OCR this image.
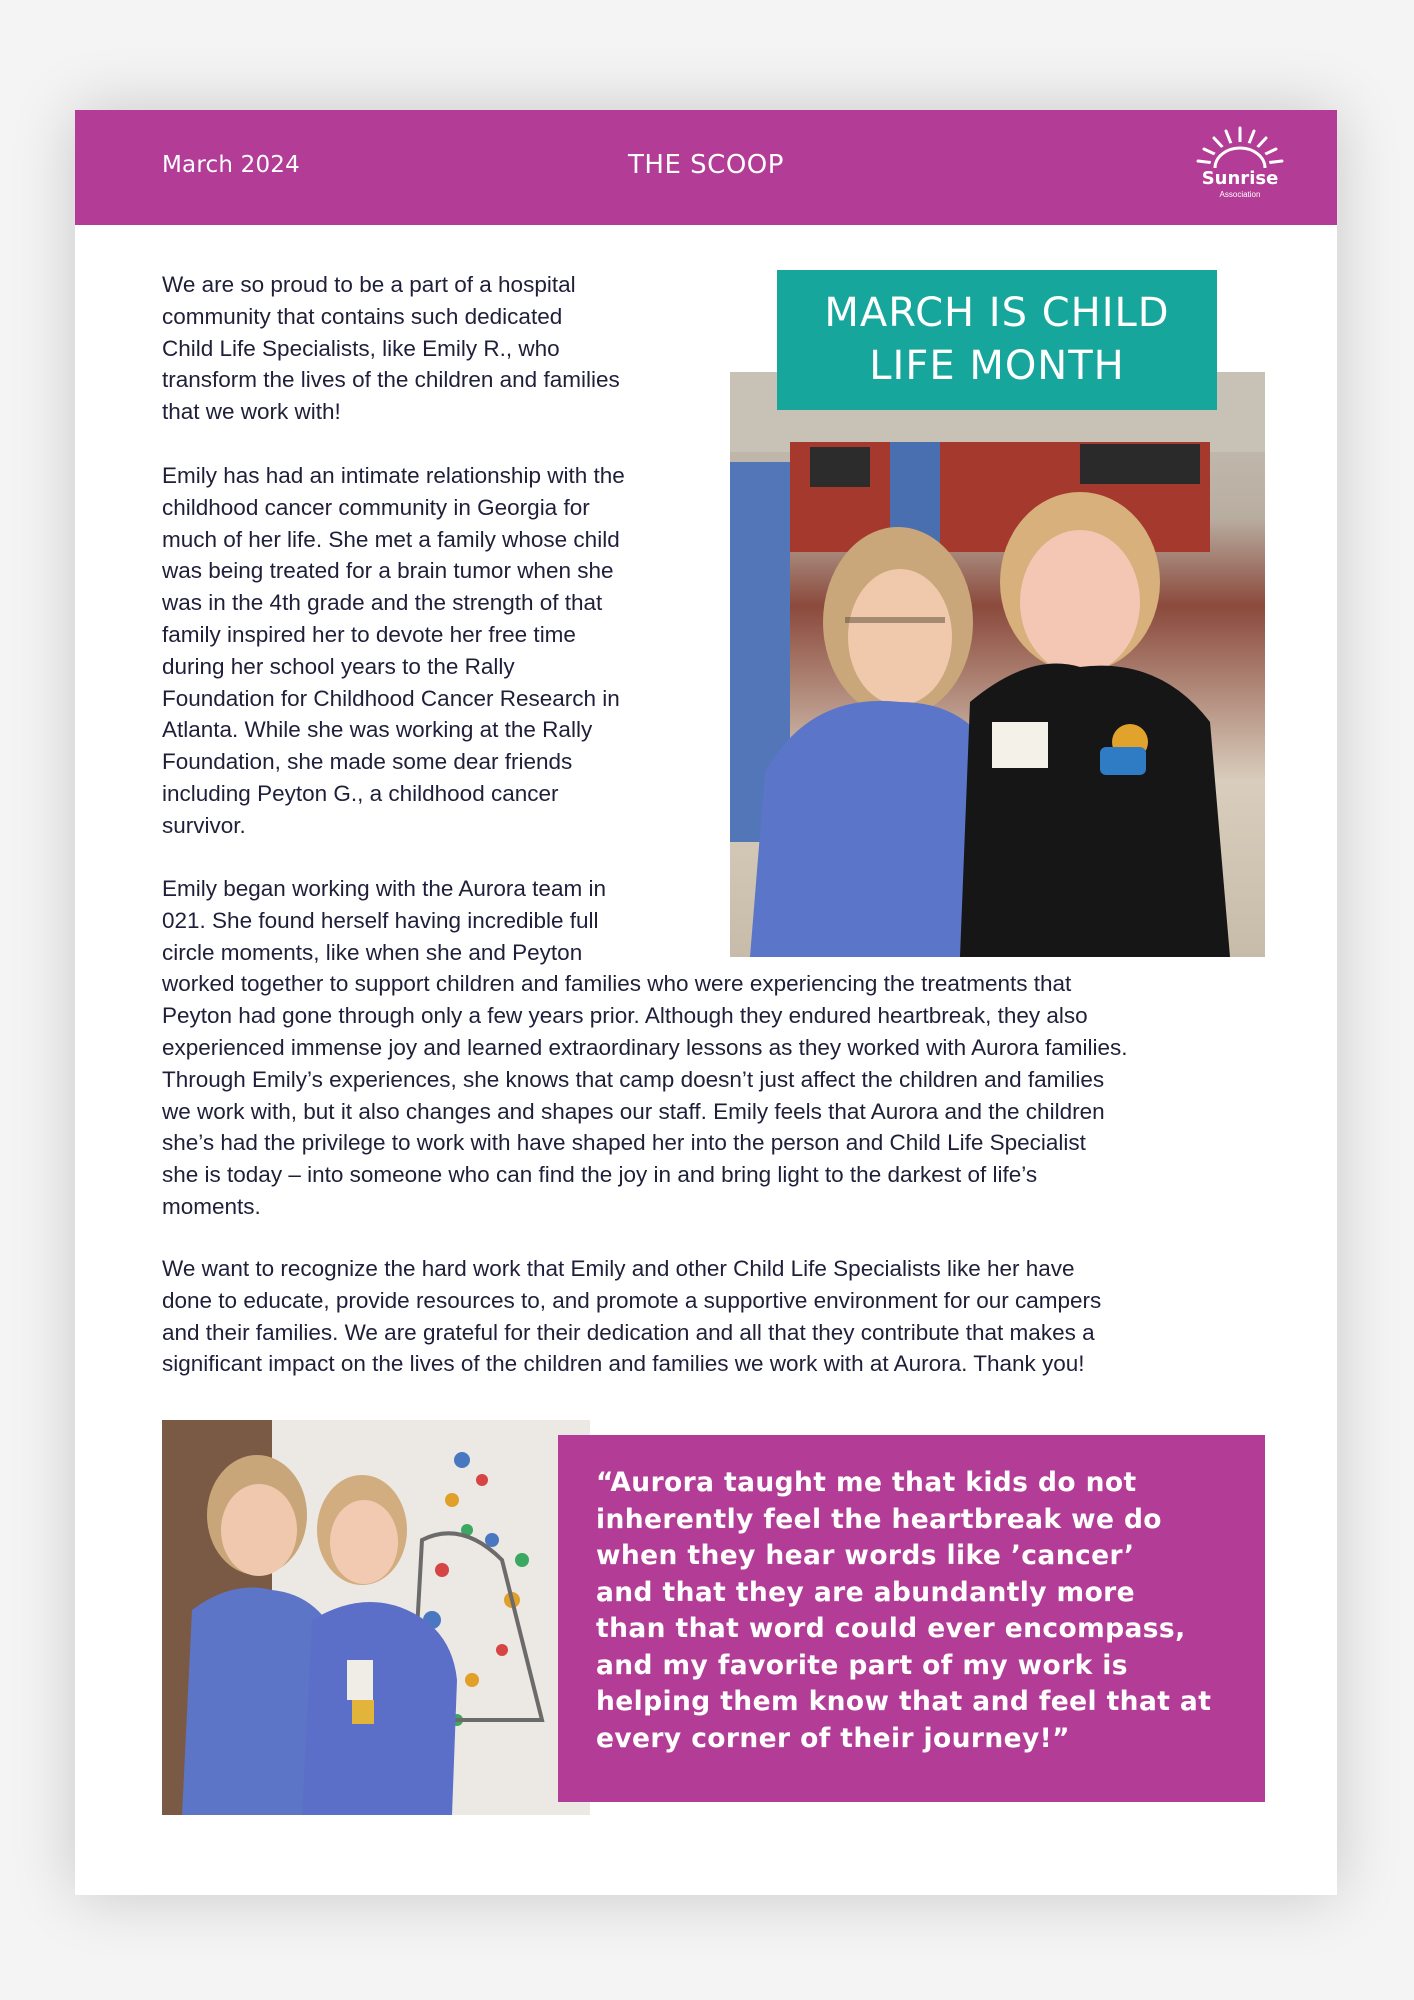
March 2024	THE SCOOP	Sunrise
Association
MARCH IS CHILD
LIFE MONTH
We are so proud to be a part of a hospital
community that contains such dedicated
Child Life Specialists, like Emily R., who
transform the lives of the children and families
that we work with!
Emily has had an intimate relationship with the
childhood cancer community in Georgia for
much of her life. She met a family whose child
was being treated for a brain tumor when she
was in the 4th grade and the strength of that
family inspired her to devote her free time
during her school years to the Rally
Foundation for Childhood Cancer Research in
Atlanta. While she was working at the Rally
Foundation, she made some dear friends
including Peyton G., a childhood cancer
survivor.
Emily began working with the Aurora team in
021. She found herself having incredible full
circle moments, like when she and Peyton
worked together to support children and families who were experiencing the treatments that
Peyton had gone through only a few years prior. Although they endured heartbreak, they also
experienced immense joy and learned extraordinary lessons as they worked with Aurora families.
Through Emily’s experiences, she knows that camp doesn’t just affect the children and families
we work with, but it also changes and shapes our staff. Emily feels that Aurora and the children
she’s had the privilege to work with have shaped her into the person and Child Life Specialist
she is today – into someone who can find the joy in and bring light to the darkest of life’s
moments.
We want to recognize the hard work that Emily and other Child Life Specialists like her have
done to educate, provide resources to, and promote a supportive environment for our campers
and their families. We are grateful for their dedication and all that they contribute that makes a
significant impact on the lives of the children and families we work with at Aurora. Thank you!
“Aurora taught me that kids do not
inherently feel the heartbreak we do
when they hear words like ’cancer’
and that they are abundantly more
than that word could ever encompass,
and my favorite part of my work is
helping them know that and feel that at
every corner of their journey!”
